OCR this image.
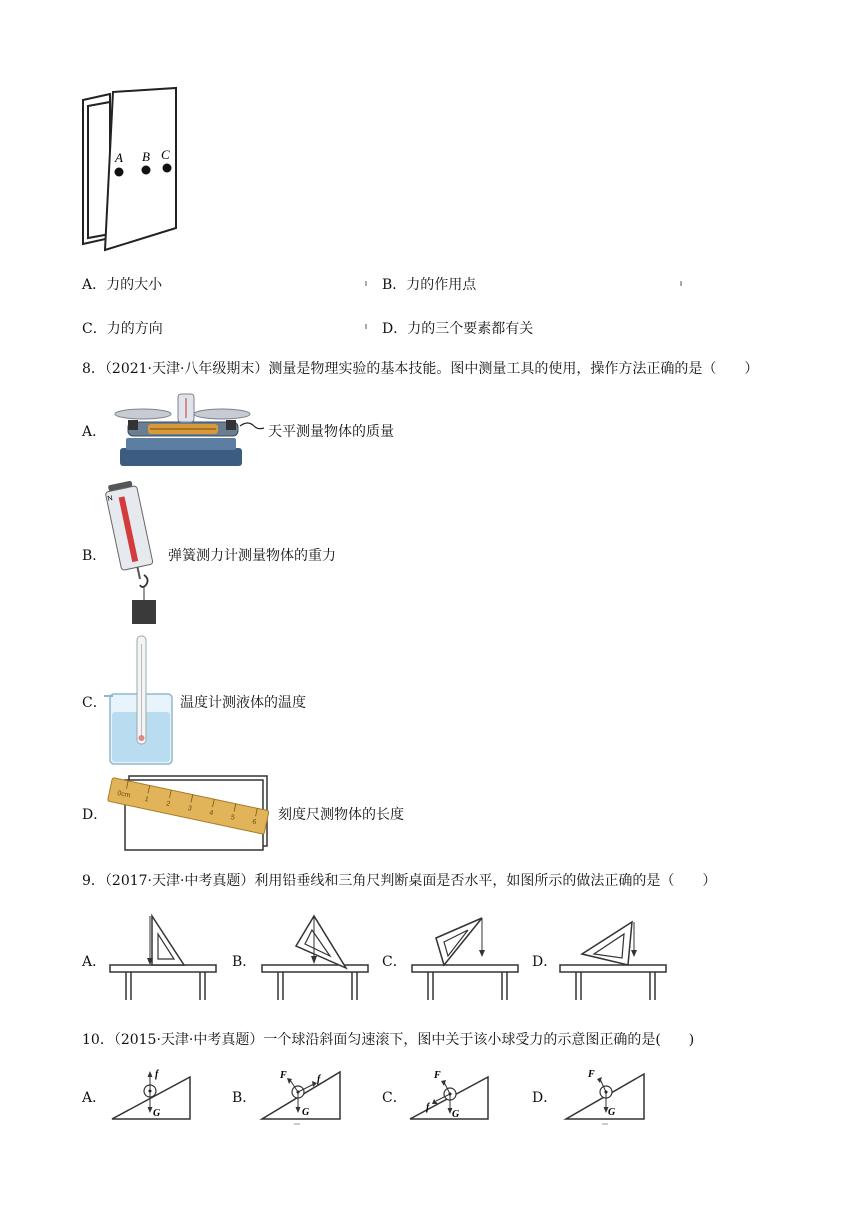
A B C
A．力的大小	B．力的作用点
C．力的方向	D．力的三个要素都有关
8．（2021·天津·八年级期末）测量是物理实验的基本技能。图中测量工具的使用，操作方法正确的是（　　）
A．	天平测量物体的质量
B．
N
弹簧测力计测量物体的重力
C．	温度计测液体的温度
D．
0cm
1
2
3
4
5
6 刻度尺测物体的长度
9．（2017·天津·中考真题）利用铅垂线和三角尺判断桌面是否水平，如图所示的做法正确的是（　　）
A．	B．	C．	D．
10．（2015·天津·中考真题）一个球沿斜面匀速滚下，图中关于该小球受力的示意图正确的是(　　)
A．
f
G
B．
F	f
G
C．
F
f
G
D．
F
G
